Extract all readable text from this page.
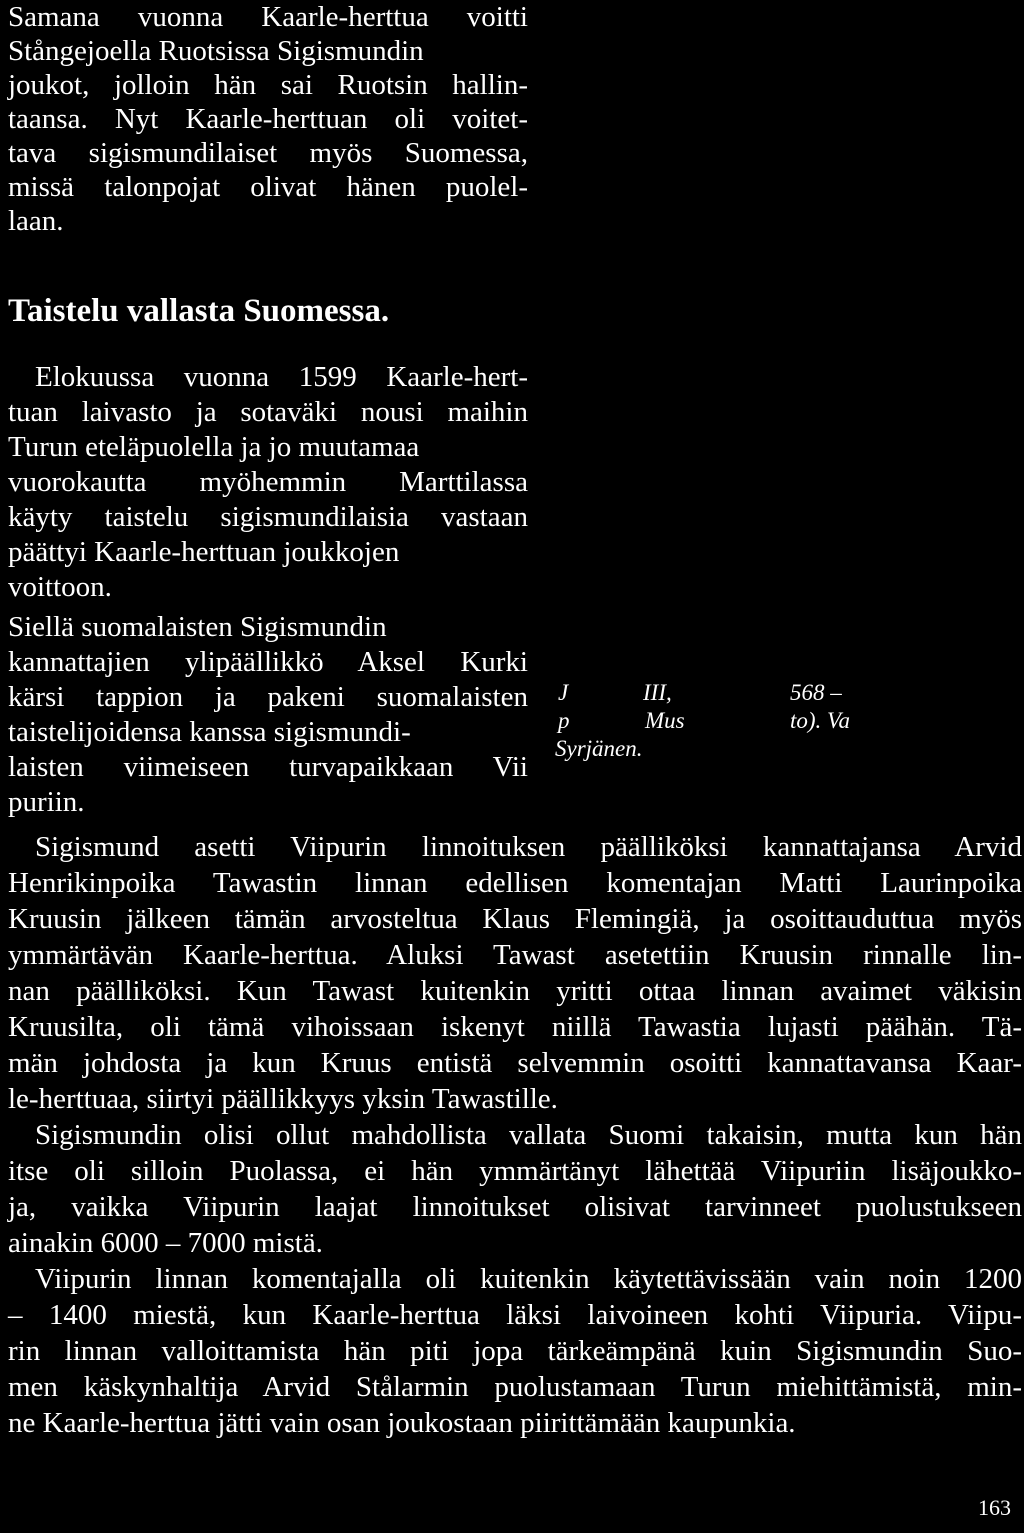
Samana vuonna Kaarle-herttua voitti
Stångejoella Ruotsissa Sigismundin
joukot, jolloin hän sai Ruotsin hallin-
taansa. Nyt Kaarle-herttuan oli voitet-
tava sigismundilaiset myös Suomessa,
missä talonpojat olivat hänen puolel-
laan.
Taistelu vallasta Suomessa.
Elokuussa vuonna 1599 Kaarle-hert-
tuan laivasto ja sotaväki nousi maihin
Turun eteläpuolella ja jo muutamaa
vuorokautta myöhemmin Marttilassa
käyty taistelu sigismundilaisia vastaan
päättyi Kaarle-herttuan joukkojen
voittoon.
Siellä suomalaisten Sigismundin
kannattajien ylipäällikkö Aksel Kurki
kärsi tappion ja pakeni suomalaisten
taistelijoidensa kanssa sigismundi-
laisten viimeiseen turvapaikkaan Vii
puriin.
J	III,	568 –
p	Mus	to). Va
Syrjänen.
Sigismund asetti Viipurin linnoituksen päälliköksi kannattajansa Arvid
Henrikinpoika Tawastin linnan edellisen komentajan Matti Laurinpoika
Kruusin jälkeen tämän arvosteltua Klaus Flemingiä, ja osoittauduttua myös
ymmärtävän Kaarle-herttua. Aluksi Tawast asetettiin Kruusin rinnalle lin-
nan päälliköksi. Kun Tawast kuitenkin yritti ottaa linnan avaimet väkisin
Kruusilta, oli tämä vihoissaan iskenyt niillä Tawastia lujasti päähän. Tä-
män johdosta ja kun Kruus entistä selvemmin osoitti kannattavansa Kaar-
le-herttuaa, siirtyi päällikkyys yksin Tawastille.
Sigismundin olisi ollut mahdollista vallata Suomi takaisin, mutta kun hän
itse oli silloin Puolassa, ei hän ymmärtänyt lähettää Viipuriin lisäjoukko-
ja, vaikka Viipurin laajat linnoitukset olisivat tarvinneet puolustukseen
ainakin 6000 – 7000 mistä.
Viipurin linnan komentajalla oli kuitenkin käytettävissään vain noin 1200
– 1400 miestä, kun Kaarle-herttua läksi laivoineen kohti Viipuria. Viipu-
rin linnan valloittamista hän piti jopa tärkeämpänä kuin Sigismundin Suo-
men käskynhaltija Arvid Stålarmin puolustamaan Turun miehittämistä, min-
ne Kaarle-herttua jätti vain osan joukostaan piirittämään kaupunkia.
163
